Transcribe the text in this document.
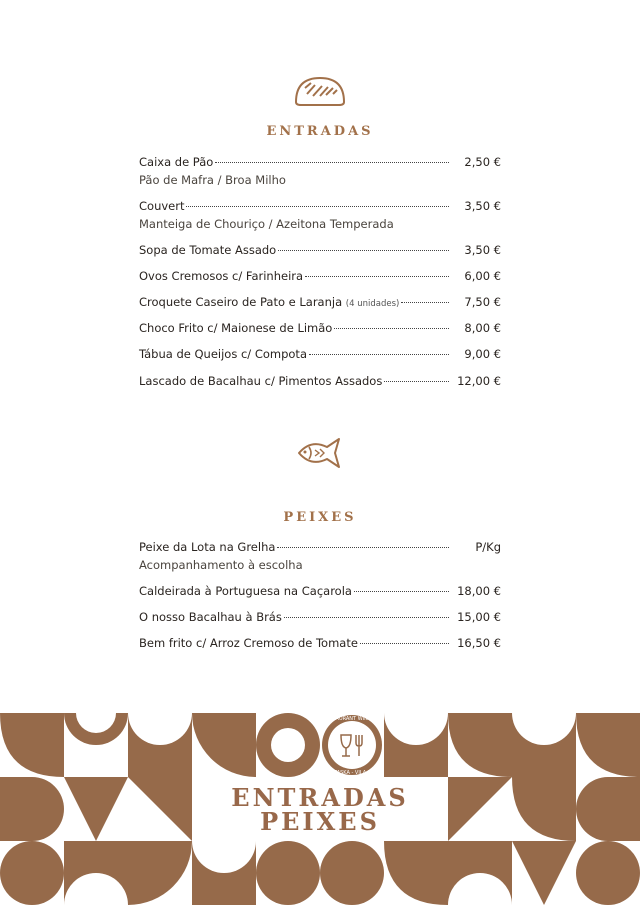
entradas
Caixa de Pão	2,50 €
Pão de Mafra / Broa Milho
Couvert	3,50 €
Manteiga de Chouriço / Azeitona Temperada
Sopa de Tomate Assado	3,50 €
Ovos Cremosos c/ Farinheira	6,00 €
Croquete Caseiro de Pato e Laranja (4 unidades)	7,50 €
Choco Frito c/ Maionese de Limão	8,00 €
Tábua de Queijos c/ Compota	9,00 €
Lascado de Bacalhau c/ Pimentos Assados	12,00 €
peixes
Peixe da Lota na Grelha	P/Kg
Acompanhamento à escolha
Caldeirada à Portuguesa na Caçarola	18,00 €
O nosso Bacalhau à Brás	15,00 €
Bem frito c/ Arroz Cremoso de Tomate	16,50 €
RESTAURANT WINE BAR
VILTASKA - VILA FRIA
ENTRADAS
PEIXES
